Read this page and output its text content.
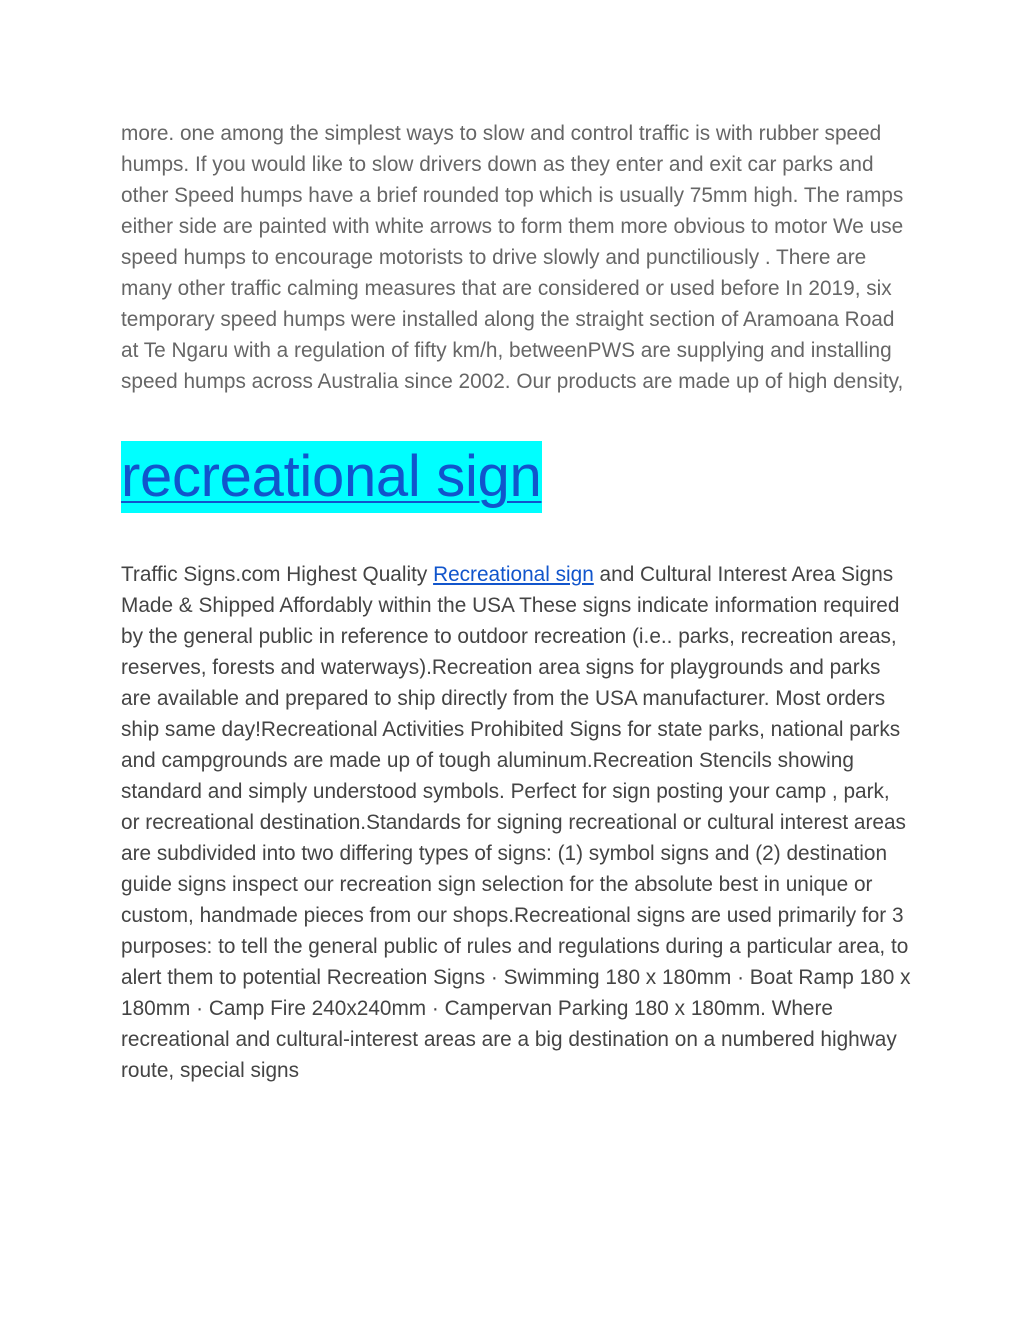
more. one among the simplest ways to slow and control traffic is with rubber speed humps. If you would like to slow drivers down as they enter and exit car parks and other Speed humps have a brief rounded top which is usually 75mm high. The ramps either side are painted with white arrows to form them more obvious to motor We use speed humps to encourage motorists to drive slowly and punctiliously . There are many other traffic calming measures that are considered or used before In 2019, six temporary speed humps were installed along the straight section of Aramoana Road at Te Ngaru with a regulation of fifty km/h, betweenPWS are supplying and installing speed humps across Australia since 2002. Our products are made up of high density,

recreational sign

Traffic Signs.com Highest Quality Recreational sign and Cultural Interest Area Signs Made & Shipped Affordably within the USA These signs indicate information required by the general public in reference to outdoor recreation (i.e.. parks, recreation areas, reserves, forests and waterways).Recreation area signs for playgrounds and parks are available and prepared to ship directly from the USA manufacturer. Most orders ship same day!Recreational Activities Prohibited Signs for state parks, national parks and campgrounds are made up of tough aluminum.Recreation Stencils showing standard and simply understood symbols. Perfect for sign posting your camp , park, or recreational destination.Standards for signing recreational or cultural interest areas are subdivided into two differing types of signs: (1) symbol signs and (2) destination guide signs inspect our recreation sign selection for the absolute best in unique or custom, handmade pieces from our shops.Recreational signs are used primarily for 3 purposes: to tell the general public of rules and regulations during a particular area, to alert them to potential Recreation Signs · Swimming 180 x 180mm · Boat Ramp 180 x 180mm · Camp Fire 240x240mm · Campervan Parking 180 x 180mm. Where recreational and cultural-interest areas are a big destination on a numbered highway route, special signs
